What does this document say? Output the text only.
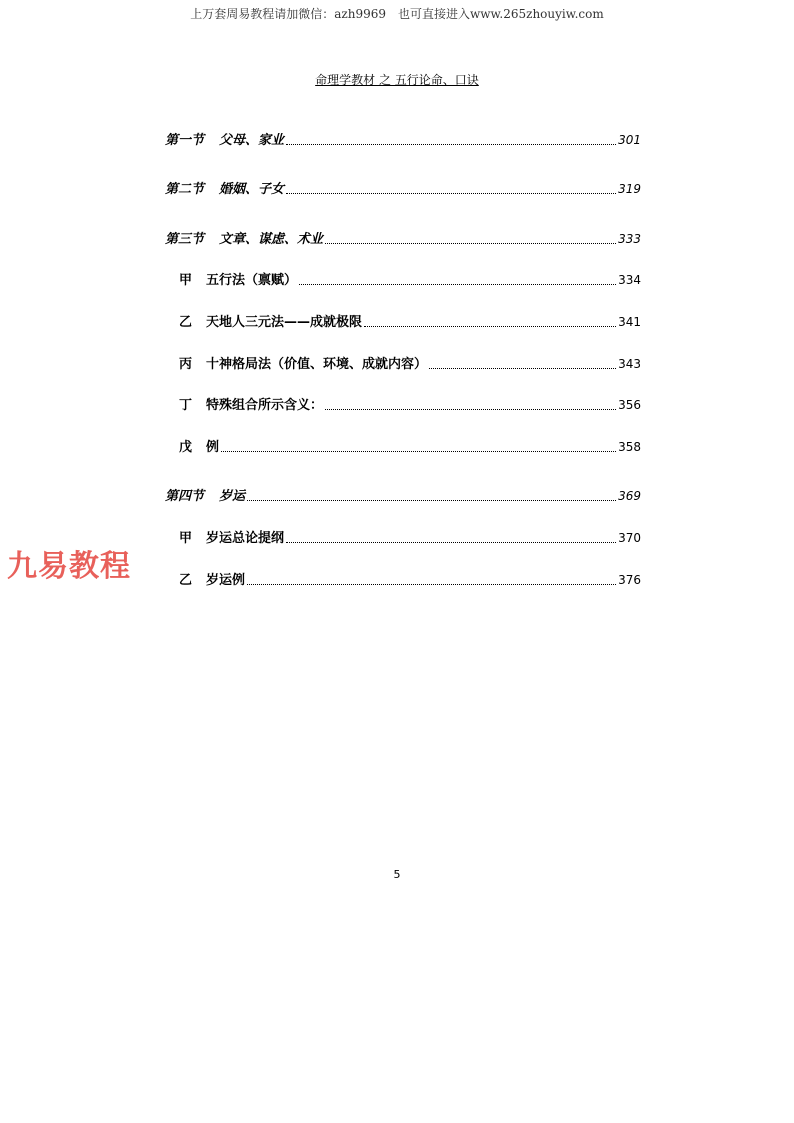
上万套周易教程请加微信：azh9969　也可直接进入www.265zhouyiw.com
命理学教材 之 五行论命、口诀
第一节 父母、家业	301
第二节 婚姻、子女	319
第三节 文章、谋虑、术业	333
甲 五行法（禀赋）	334
乙 天地人三元法——成就极限	341
丙 十神格局法（价值、环境、成就内容）	343
丁 特殊组合所示含义：	356
戊 例	358
第四节 岁运	369
甲 岁运总论提纲	370
乙 岁运例	376
九易教程
5
